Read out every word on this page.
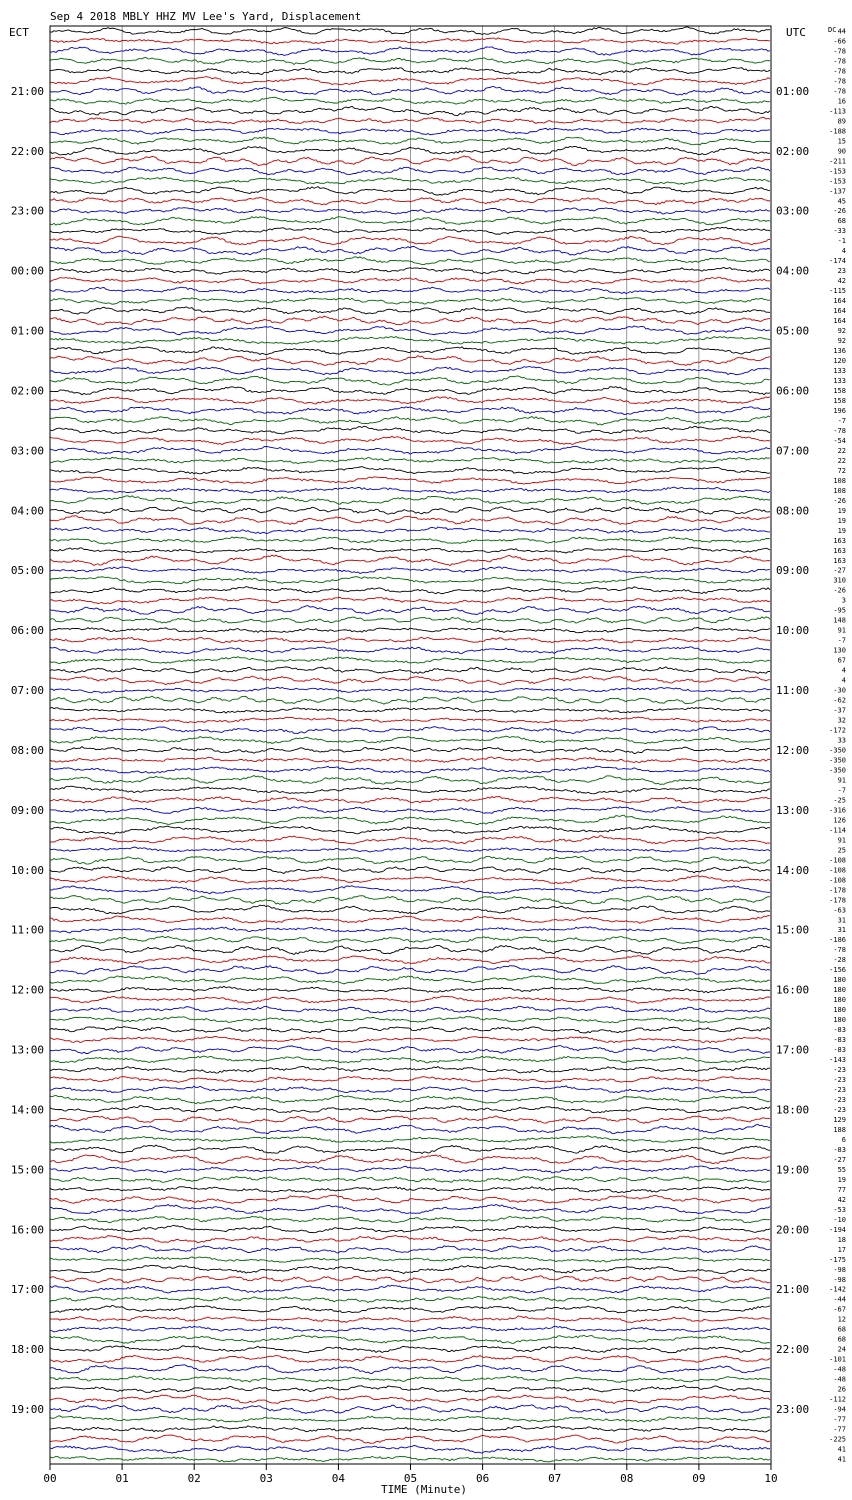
Sep 4 2018 MBLY HHZ MV Lee's Yard, Displacement
ECT	UTC	DC
21:00
22:00
23:00
00:00
01:00
02:00
03:00
04:00
05:00
06:00
07:00
08:00
09:00
10:00
11:00
12:00
13:00
14:00
15:00
16:00
17:00
18:00
19:00
01:00
02:00
03:00
04:00
05:00
06:00
07:00
08:00
09:00
10:00
11:00
12:00
13:00
14:00
15:00
16:00
17:00
18:00
19:00
20:00
21:00
22:00
23:00
44
-66
-78
-78
-78
-78
-78
16
-113
89
-188
15
90
-211
-153
-153
-137
45
-26
68
-33
-1
4
-174
23
42
-115
164
164
164
92
92
136
120
133
133
158
158
196
-7
-78
-54
22
22
72
108
108
-26
19
19
19
163
163
163
-27
310
-26
3
-95
148
91
-7
130
67
4
4
-30
-62
-37
32
-172
33
-350
-350
-350
91
-7
-25
-316
126
-114
91
25
-108
-108
-108
-178
-178
-63
31
31
-186
-78
-28
-156
180
180
180
180
180
-83
-83
-83
-143
-23
-23
-23
-23
-23
129
188
6
-83
-27
55
19
77
42
-53
-10
-194
18
17
-175
-98
-98
-142
-44
-67
12
68
68
24
-101
-48
-48
26
-112
-94
-77
-77
-225
41
41
00	01	02	03	04	05	06	07	08	09	10
TIME (Minute)
